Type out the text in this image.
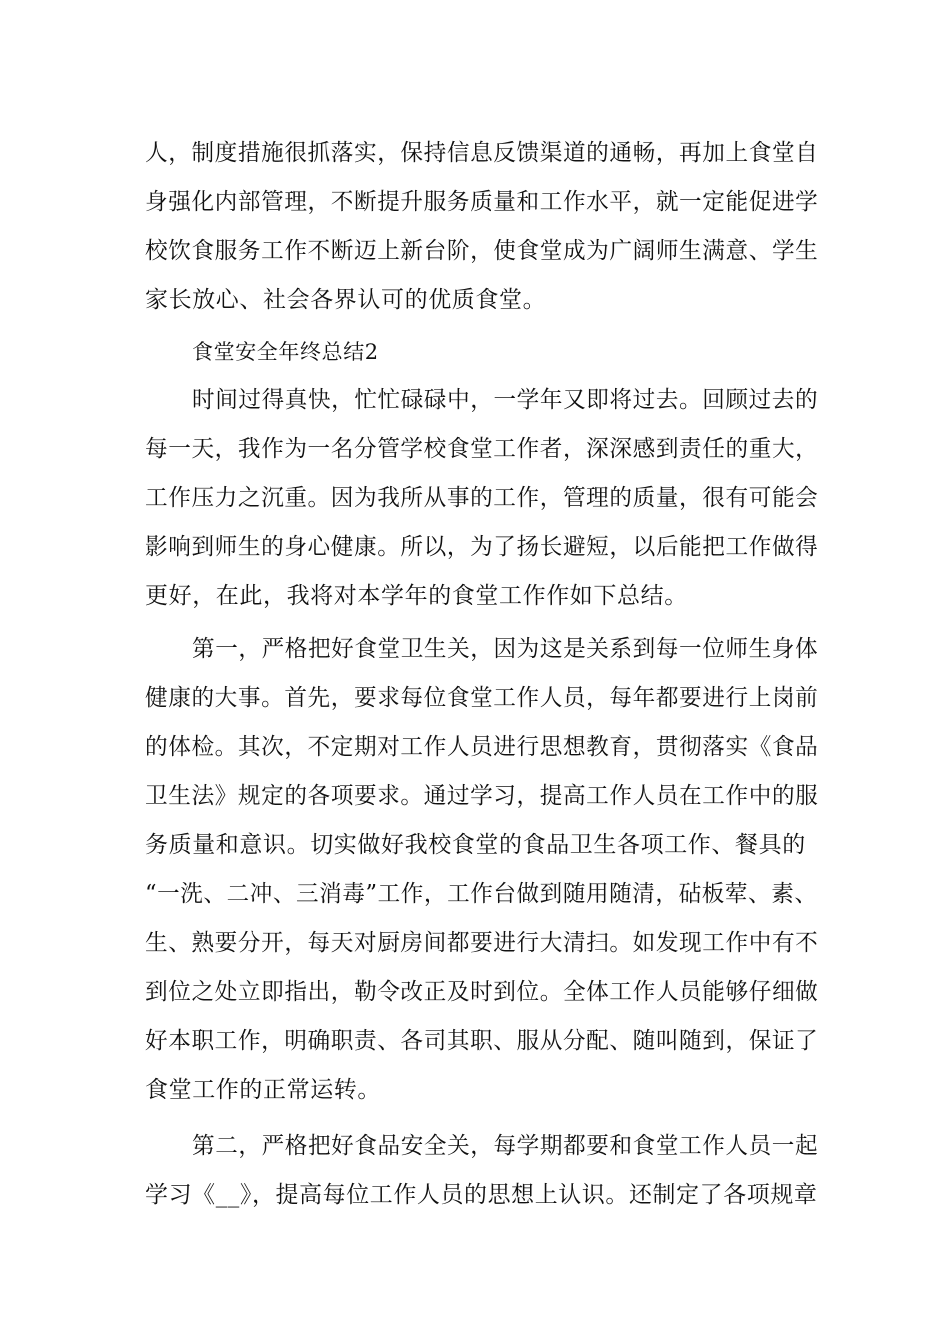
人，制度措施很抓落实，保持信息反馈渠道的通畅，再加上食堂自
身强化内部管理，不断提升服务质量和工作水平，就一定能促进学
校饮食服务工作不断迈上新台阶，使食堂成为广阔师生满意、学生
家长放心、社会各界认可的优质食堂。
食堂安全年终总结2
时间过得真快，忙忙碌碌中，一学年又即将过去。回顾过去的
每一天，我作为一名分管学校食堂工作者，深深感到责任的重大，
工作压力之沉重。因为我所从事的工作，管理的质量，很有可能会
影响到师生的身心健康。所以，为了扬长避短，以后能把工作做得
更好，在此，我将对本学年的食堂工作作如下总结。
第一，严格把好食堂卫生关，因为这是关系到每一位师生身体
健康的大事。首先，要求每位食堂工作人员，每年都要进行上岗前
的体检。其次，不定期对工作人员进行思想教育，贯彻落实《食品
卫生法》规定的各项要求。通过学习，提高工作人员在工作中的服
务质量和意识。切实做好我校食堂的食品卫生各项工作、餐具的
“一洗、二冲、三消毒”工作，工作台做到随用随清，砧板荤、素、
生、熟要分开，每天对厨房间都要进行大清扫。如发现工作中有不
到位之处立即指出，勒令改正及时到位。全体工作人员能够仔细做
好本职工作，明确职责、各司其职、服从分配、随叫随到，保证了
食堂工作的正常运转。
第二，严格把好食品安全关，每学期都要和食堂工作人员一起
学习《__》，提高每位工作人员的思想上认识。还制定了各项规章
